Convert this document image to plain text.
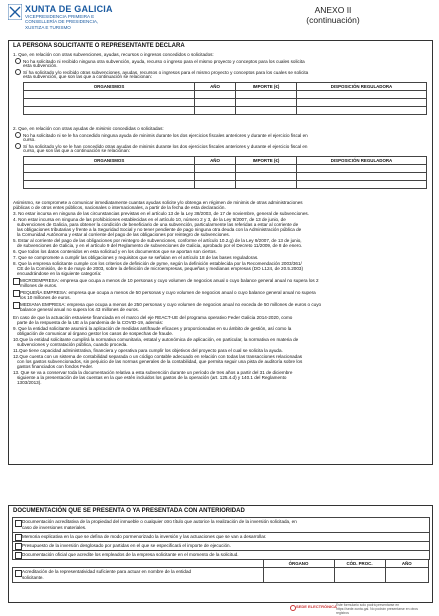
XUNTA DE GALICIA
VICEPRESIDENCIA PRIMEIRA E
CONSELLERÍA DE PRESIDENCIA,
XUSTIZA E TURISMO
ANEXO II
(continuación)
LA PERSONA SOLICITANTE O REPRESENTANTE DECLARA
1. Que, en relación con otras subvenciones, ayudas, recursos o ingresos concedidos o solicitados:
No ha solicitado ni recibido ninguna otra subvención, ayuda, recurso o ingreso para el mismo proyecto y conceptos para los cuales solicita
esta subvención.
Sí ha solicitado y/o recibido otras subvenciones, ayudas, recursos o ingresos para el mismo proyecto y conceptos para los cuales se solicita
esta subvención, que son las que a continuación se relacionan:
ORGANISMOS	AÑO	IMPORTE (€)	DISPOSICIÓN REGULADORA

2. Que, en relación con otras ayudas de minimis concedidas o solicitadas:
No ha solicitado ni se le ha concedido ninguna ayuda de minimis durante los dos ejercicios fiscales anteriores y durante el ejercicio fiscal en
curso.
Sí ha solicitado y/o se le han concedido otras ayudas de minimis durante los dos ejercicios fiscales anteriores y durante el ejercicio fiscal en
curso, que son las que a continuación se relacionan:
ORGANISMOS	AÑO	IMPORTE (€)	DISPOSICIÓN REGULADORA

Asimismo, se compromete a comunicar inmediatamente cuantas ayudas solicite y/o obtenga en régimen de minimis de otras administraciones
públicas o de otros entes públicos, nacionales o internacionales, a partir de la fecha de esta declaración.
3. No estar incursa en ninguna de las circunstancias previstas en el artículo 13 de la Ley 38/2003, de 17 de noviembre, general de subvenciones.
4. Non estar incursa en ninguna de las prohibiciones establecidas en el artículo 10, número 2 y 3, de la Ley 9/2007, de 13 de junio, de
subvenciones de Galicia, para obtener la condición de beneficiario de una subvención, particularmente las referidas a estar al corriente de
las obligaciones tributarias y frente a la Seguridad Social y no tener pendiente de pago ninguna otra deuda con la Administración pública de
la Comunidad Autónoma y estar al corriente del pago de las obligaciones por reintegro de subvenciones.
5. Estar al corriente del pago de las obligaciones por reintegro de subvenciones, conforme el artículo 10.2.g) de la Ley 9/2007, de 13 de junio,
de subvenciones de Galicia, y en el artículo 9 del Reglamento de subvenciones de Galicia, aprobado por el Decreto 11/2009, de 8 de enero.
6. Que todos los datos contenidos en esta solicitud y en los documentos que se aportan son ciertos.
7. Que se compromete a cumplir las obligaciones y requisitos que se señalan en el artículo 18 de las bases reguladoras.
8. Que la empresa solicitante cumple con los criterios de definición de pyme, según la definición establecida por la Recomendación 2003/361/
CE de la Comisión, de 6 de mayo de 2003, sobre la definición de microempresas, pequeñas y medianas empresas (DO L124, de 20.5.2003)
encuadrándose en la siguiente categoría:
MICROEMPRESA: empresa que ocupa a menos de 10 personas y cuyo volumen de negocios anual o cuyo balance general anual no supera los 2
millones de euros.
PEQUEÑA EMPRESA: empresa que ocupa a menos de 50 personas y cuyo volumen de negocios anual o cuyo balance general anual no supera
los 10 millones de euros.
MEDIANA EMPRESA: empresa que ocupa a menos de 250 personas y cuyo volumen de negocios anual no exceda de 50 millones de euros o cuyo
balance general anual no supera los 43 millones de euros.
En caso de que la actuación estuviese financiada en el marco del eje REACT-UE del programa operativo Feder Galicia 2014-2020, como
parte de la respuesta de la UE a la pandemia de la COVID-19, además:
9. Que la entidad solicitante asumirá la aplicación de medidas antifraude eficaces y proporcionadas en su ámbito de gestión, así como la
obligación de comunicar al órgano gestor los casos de sospechas de fraude.
10.Que la entidad solicitante cumplirá la normativa comunitaria, estatal y autonómica de aplicación, en particular, la normativa en materia de
subvenciones y contratación pública, cuando proceda.
11.Que tiene capacidad administrativa, financiera y operativa para cumplir los objetivos del proyecto para el cual se solicita la ayuda.
12.Que cuenta con un sistema de contabilidad separada o un código contable adecuado en relación con todas las transacciones relacionadas
con los gastos subvencionados, sin perjuicio de las normas generales de la contabilidad, que permita seguir una pista de auditoría sobre los
gastos financiados con fondos Feder.
13. Que se va a conservar toda la documentación relativa a esta subvención durante un período de tres años a partir del 31 de diciembre
siguiente a la presentación de las cuentas en la que estén incluidos los gastos de la operación (art. 125.4.d) y 140.1 del Reglamento
1303/2013).
DOCUMENTACIÓN QUE SE PRESENTA O YA PRESENTADA CON ANTERIORIDAD
Documentación acreditativa de la propiedad del inmueble o cualquier otro título que autorice la realización de la inversión solicitada, en
caso de inversiones materiales.
Memoria explicativa en la que se defina de modo pormenorizado la inversión y las actuaciones que se van a desarrollar.
Presupuesto de la inversión desglosado por partidas en el que se especificará el importe de ejecución.
Documentación oficial que acredite los empleados de la empresa solicitante en el momento de la solicitud.
	ÓRGANO	CÓD. PROC.	AÑO

Acreditación de la representatividad suficiente para actuar en nombre de la entidad
solicitante.			

SEDE ELECTRÓNICA Este formulario solo podrá presentarse en https://sede.xunta.gal. No podrán presentarse en otros registros
